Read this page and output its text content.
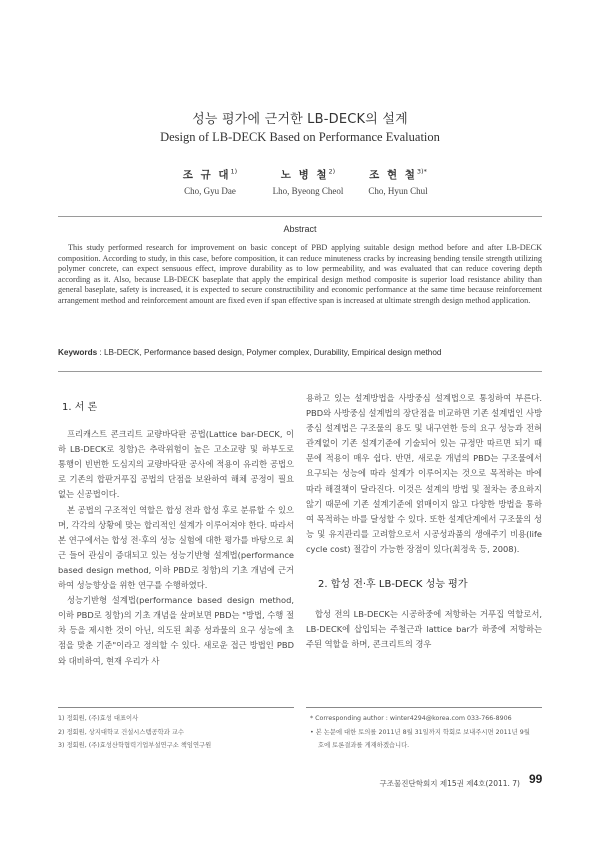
성능 평가에 근거한 LB-DECK의 설계
Design of LB-DECK Based on Performance Evaluation
조 규 대$^{1)}$
Cho, Gyu Dae
노 병 철$^{2)}$
Lho, Byeong Cheol
조 현 철$^{3)*}$
Cho, Hyun Chul
Abstract
This study performed research for improvement on basic concept of PBD applying suitable design method before and after LB-DECK composition. According to study, in this case, before composition, it can reduce minuteness cracks by increasing bending tensile strength utilizing polymer concrete, can expect sensuous effect, improve durability as to low permeability, and was evaluated that can reduce covering depth according as it. Also, because LB-DECK baseplate that apply the empirical design method composite is superior load resistance ability than general baseplate, safety is increased, it is expected to secure constructibility and economic performance at the same time because reinforcement arrangement method and reinforcement amount are fixed even if span effective span is increased at ultimate strength design method application.
Keywords : LB-DECK, Performance based design, Polymer complex, Durability, Empirical design method
1. 서 론

프리캐스트 콘크리트 교량바닥판 공법(Lattice bar-DECK, 이하 LB-DECK로 칭함)은 추락위험이 높은 고소교량 및 하부도로 통행이 빈번한 도심지의 교량바닥판 공사에 적용이 유리한 공법으로 기존의 합판거푸집 공법의 단점을 보완하여 해체 공정이 필요 없는 신공법이다.

본 공법의 구조적인 역할은 합성 전과 합성 후로 분류할 수 있으며, 각각의 상황에 맞는 합리적인 설계가 이루어져야 한다. 따라서 본 연구에서는 합성 전·후의 성능 실험에 대한 평가를 바탕으로 최근 들어 관심이 증대되고 있는 성능기반형 설계법(performance based design method, 이하 PBD로 칭함)의 기초 개념에 근거하여 성능향상을 위한 연구를 수행하였다.

성능기반형 설계법(performance based design method, 이하 PBD로 칭함)의 기초 개념을 살펴보면 PBD는 "방법, 수행 절차 등을 제시한 것이 아닌, 의도된 최종 성과물의 요구 성능에 초점을 맞춘 기준"이라고 정의할 수 있다. 새로운 접근 방법인 PBD와 대비하여, 현재 우리가 사

용하고 있는 설계방법을 사방중심 설계법으로 통칭하여 부른다. PBD와 사방중심 설계법의 장단점을 비교하면 기존 설계법인 사방중심 설계법은 구조물의 용도 및 내구연한 등의 요구 성능과 전혀 관계없이 기존 설계기준에 기술되어 있는 규정만 따르면 되기 때문에 적용이 매우 쉽다. 반면, 새로운 개념의 PBD는 구조물에서 요구되는 성능에 따라 설계가 이루어지는 것으로 목적하는 바에 따라 해결책이 달라진다. 이것은 설계의 방법 및 절차는 중요하지 않기 때문에 기존 설계기준에 얽매이지 않고 다양한 방법을 통하여 목적하는 바를 달성할 수 있다. 또한 설계단계에서 구조물의 성능 및 유지관리를 고려함으로서 시공성과품의 생애주기 비용(life cycle cost) 절감이 가능한 장점이 있다(최정욱 등, 2008).

2. 합성 전·후 LB-DECK 성능 평가

합성 전의 LB-DECK는 시공하중에 저항하는 거푸집 역할로서, LB-DECK에 삽입되는 주철근과 lattice bar가 하중에 저항하는 주된 역할을 하며, 콘크리트의 경우

1) 정회원, (주)효성 대표이사
2) 정회원, 상지대학교 건설시스템공학과 교수
3) 정회원, (주)효성산학협력기업부설연구소 책임연구원
* Corresponding author : winter4294@korea.com 033-766-8906
• 본 논문에 대한 토의를 2011년 8월 31일까지 학회로 보내주시면 2011년 9월
호에 토론결과를 게재하겠습니다.
구조물진단학회지 제15권 제4호(2011. 7) 99
